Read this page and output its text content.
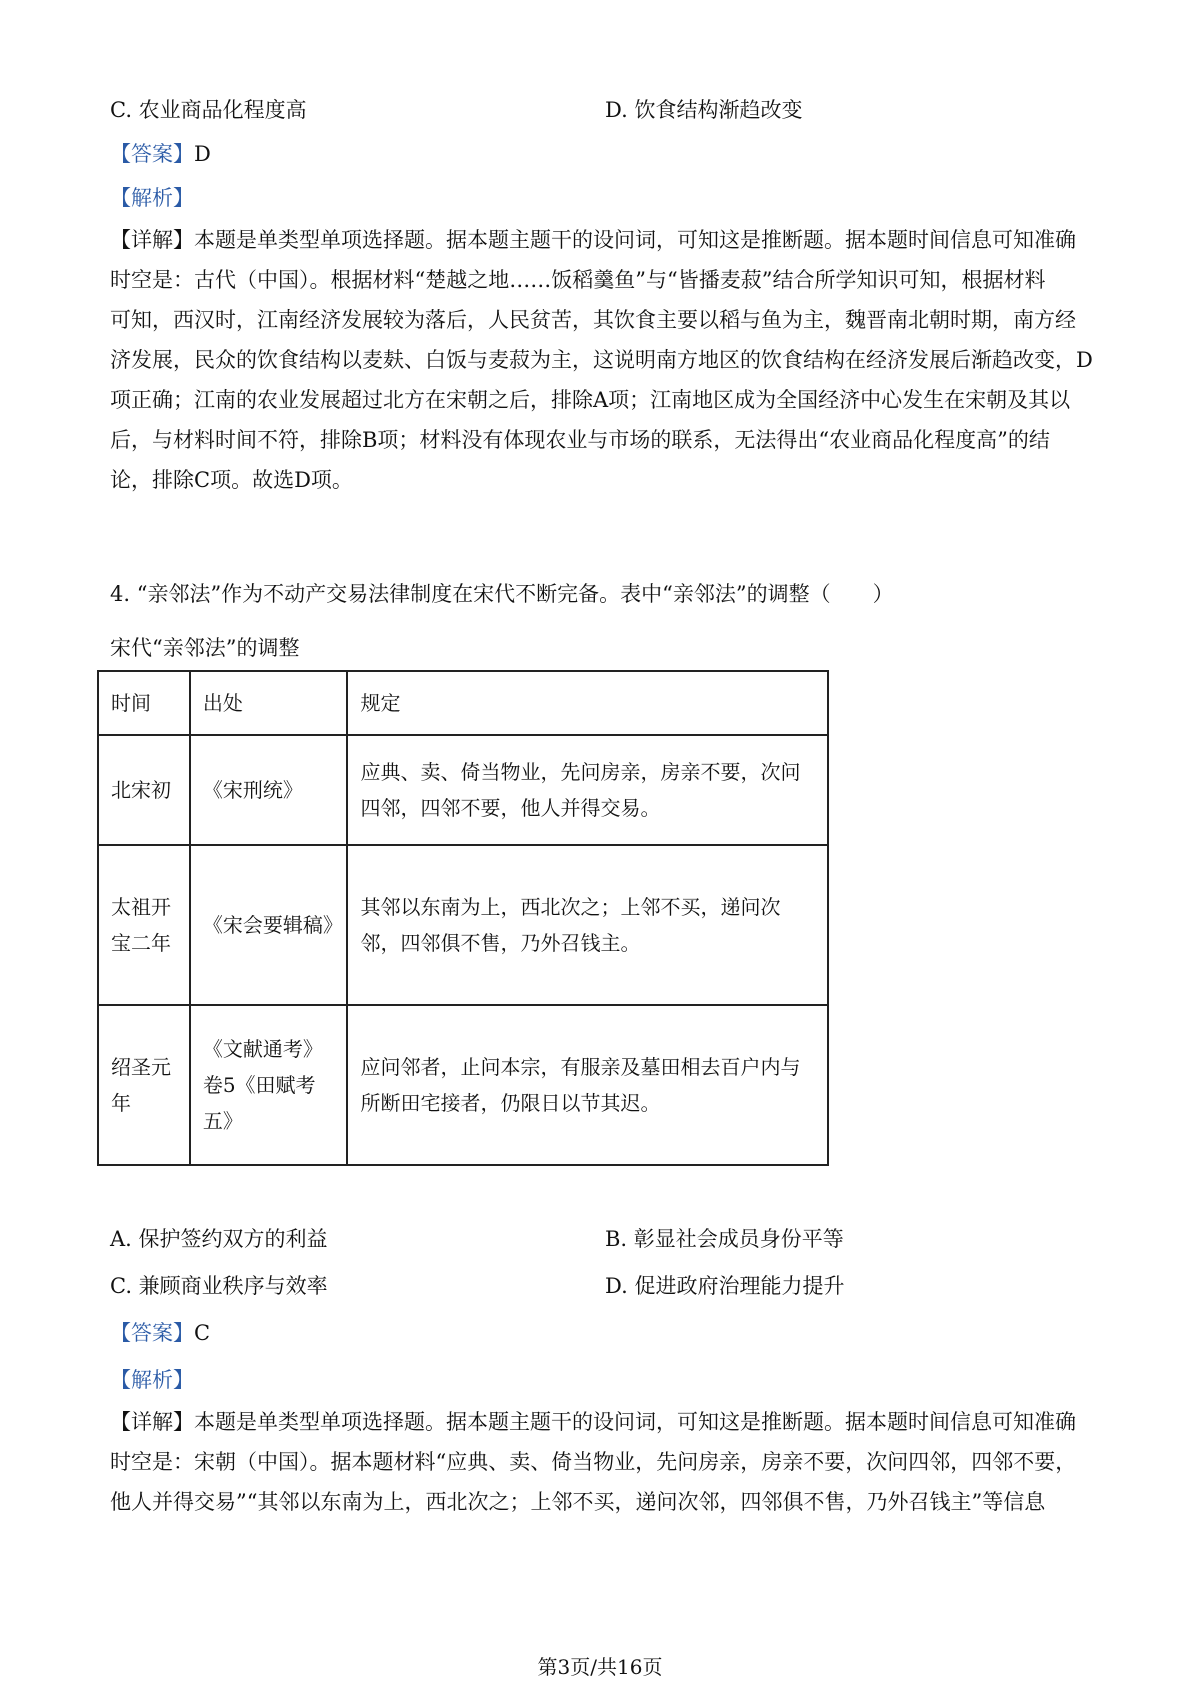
C. 农业商品化程度高	D. 饮食结构渐趋改变
【答案】D
【解析】

【详解】本题是单类型单项选择题。据本题主题干的设问词，可知这是推断题。据本题时间信息可知准确

时空是：古代（中国）。根据材料“楚越之地……饭稻羹鱼”与“皆播麦菽”结合所学知识可知，根据材料

可知，西汉时，江南经济发展较为落后，人民贫苦，其饮食主要以稻与鱼为主，魏晋南北朝时期，南方经

济发展，民众的饮食结构以麦麸、白饭与麦菽为主，这说明南方地区的饮食结构在经济发展后渐趋改变，D

项正确；江南的农业发展超过北方在宋朝之后，排除A项；江南地区成为全国经济中心发生在宋朝及其以

后，与材料时间不符，排除B项；材料没有体现农业与市场的联系，无法得出“农业商品化程度高”的结

论，排除C项。故选D项。

4. “亲邻法”作为不动产交易法律制度在宋代不断完备。表中“亲邻法”的调整（　　）
宋代“亲邻法”的调整
时间	出处	规定
北宋初	《宋刑统》	应典、卖、倚当物业，先问房亲，房亲不要，次问四邻，四邻不要，他人并得交易。
太祖开宝二年	《宋会要辑稿》	其邻以东南为上，西北次之；上邻不买，递问次邻，四邻俱不售，乃外召钱主。
绍圣元年	《文献通考》卷5《田赋考五》	应问邻者，止问本宗，有服亲及墓田相去百户内与所断田宅接者，仍限日以节其迟。
A. 保护签约双方的利益	B. 彰显社会成员身份平等
C. 兼顾商业秩序与效率	D. 促进政府治理能力提升
【答案】C
【解析】

【详解】本题是单类型单项选择题。据本题主题干的设问词，可知这是推断题。据本题时间信息可知准确

时空是：宋朝（中国）。据本题材料“应典、卖、倚当物业，先问房亲，房亲不要，次问四邻，四邻不要，

他人并得交易”“其邻以东南为上，西北次之；上邻不买，递问次邻，四邻俱不售，乃外召钱主”等信息

第3页/共16页
